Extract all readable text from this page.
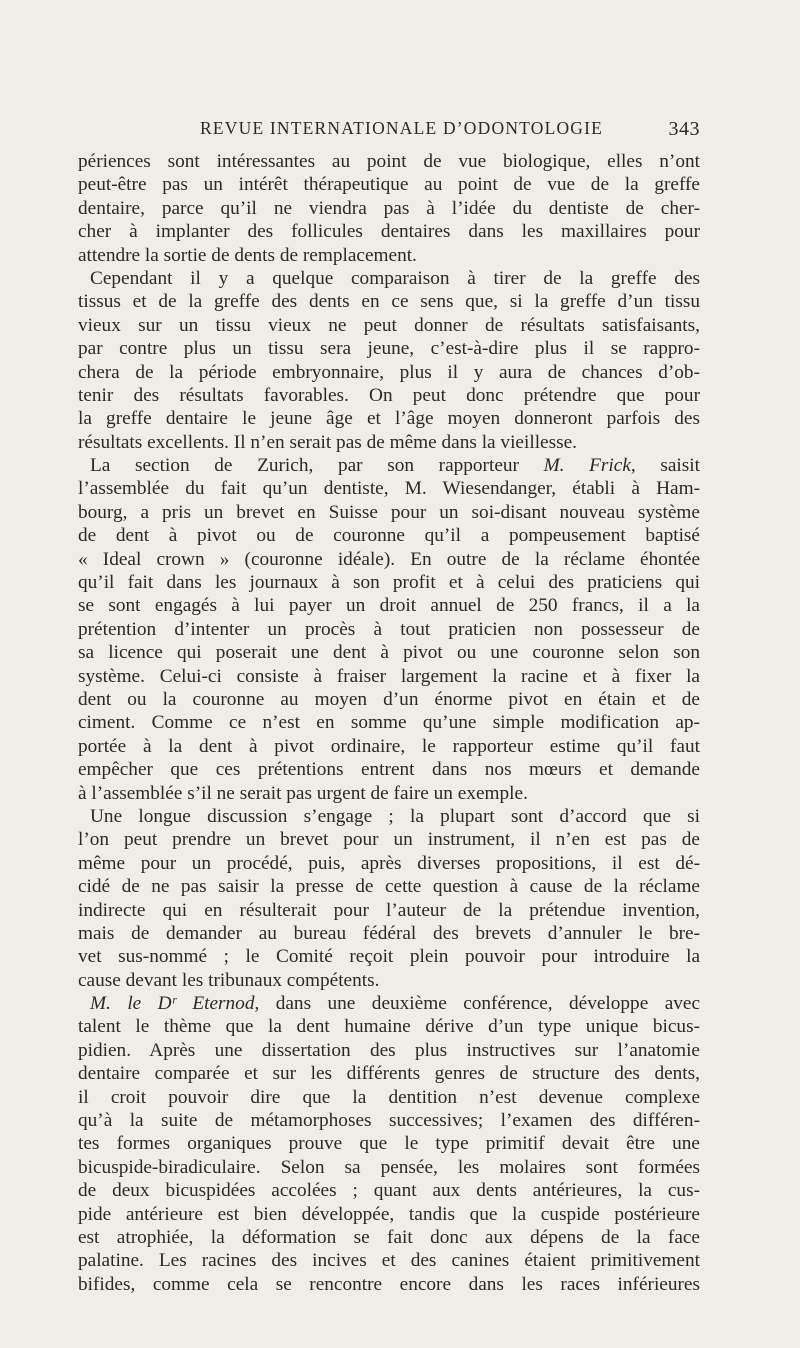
REVUE INTERNATIONALE D’ODONTOLOGIE	343
périences sont intéressantes au point de vue biologique, elles n’ont
peut-être pas un intérêt thérapeutique au point de vue de la greffe
dentaire, parce qu’il ne viendra pas à l’idée du dentiste de cher-
cher à implanter des follicules dentaires dans les maxillaires pour
attendre la sortie de dents de remplacement.
Cependant il y a quelque comparaison à tirer de la greffe des
tissus et de la greffe des dents en ce sens que, si la greffe d’un tissu
vieux sur un tissu vieux ne peut donner de résultats satisfaisants,
par contre plus un tissu sera jeune, c’est-à-dire plus il se rappro-
chera de la période embryonnaire, plus il y aura de chances d’ob-
tenir des résultats favorables. On peut donc prétendre que pour
la greffe dentaire le jeune âge et l’âge moyen donneront parfois des
résultats excellents. Il n’en serait pas de même dans la vieillesse.
La section de Zurich, par son rapporteur M. Frick, saisit
l’assemblée du fait qu’un dentiste, M. Wiesendanger, établi à Ham-
bourg, a pris un brevet en Suisse pour un soi-disant nouveau système
de dent à pivot ou de couronne qu’il a pompeusement baptisé
« Ideal crown » (couronne idéale). En outre de la réclame éhontée
qu’il fait dans les journaux à son profit et à celui des praticiens qui
se sont engagés à lui payer un droit annuel de 250 francs, il a la
prétention d’intenter un procès à tout praticien non possesseur de
sa licence qui poserait une dent à pivot ou une couronne selon son
système. Celui-ci consiste à fraiser largement la racine et à fixer la
dent ou la couronne au moyen d’un énorme pivot en étain et de
ciment. Comme ce n’est en somme qu’une simple modification ap-
portée à la dent à pivot ordinaire, le rapporteur estime qu’il faut
empêcher que ces prétentions entrent dans nos mœurs et demande
à l’assemblée s’il ne serait pas urgent de faire un exemple.
Une longue discussion s’engage ; la plupart sont d’accord que si
l’on peut prendre un brevet pour un instrument, il n’en est pas de
même pour un procédé, puis, après diverses propositions, il est dé-
cidé de ne pas saisir la presse de cette question à cause de la réclame
indirecte qui en résulterait pour l’auteur de la prétendue invention,
mais de demander au bureau fédéral des brevets d’annuler le bre-
vet sus-nommé ; le Comité reçoit plein pouvoir pour introduire la
cause devant les tribunaux compétents.
M. le Dʳ Eternod, dans une deuxième conférence, développe avec
talent le thème que la dent humaine dérive d’un type unique bicus-
pidien. Après une dissertation des plus instructives sur l’anatomie
dentaire comparée et sur les différents genres de structure des dents,
il croit pouvoir dire que la dentition n’est devenue complexe
qu’à la suite de métamorphoses successives; l’examen des différen-
tes formes organiques prouve que le type primitif devait être une
bicuspide-biradiculaire. Selon sa pensée, les molaires sont formées
de deux bicuspidées accolées ; quant aux dents antérieures, la cus-
pide antérieure est bien développée, tandis que la cuspide postérieure
est atrophiée, la déformation se fait donc aux dépens de la face
palatine. Les racines des incives et des canines étaient primitivement
bifides, comme cela se rencontre encore dans les races inférieures
